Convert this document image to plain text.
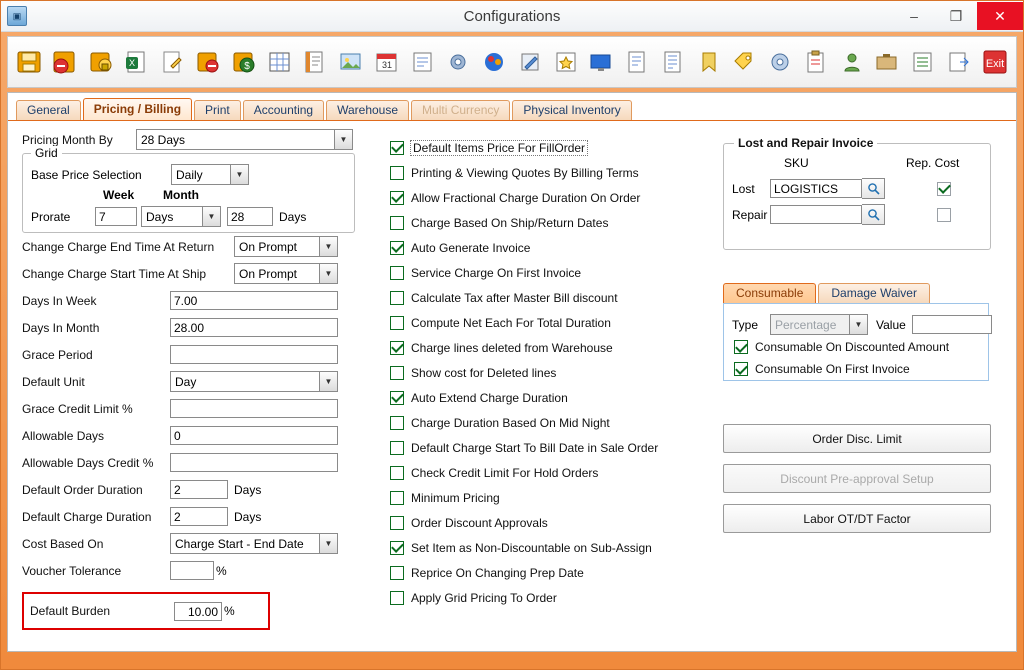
▣	Configurations	–	❐	✕
X	$	31	Exit
General	Pricing / Billing	Print	Accounting	Warehouse	Multi Currency	Physical Inventory
Pricing Month By	28 Days	▼
Grid
Base Price Selection	Daily	▼
Week Month
Prorate	7	Days	▼	28	Days
Change Charge End Time At Return	On Prompt	▼
Change Charge Start Time At Ship	On Prompt	▼
Days In Week	7.00
Days In Month	28.00
Grace Period
Default Unit	Day	▼
Grace Credit Limit %
Allowable Days	0
Allowable Days Credit %
Default Order Duration	2	Days
Default Charge Duration	2	Days
Cost Based On	Charge Start - End Date	▼
Voucher Tolerance	%
Default Burden	10.00 %
Default Items Price For FillOrder
Printing & Viewing Quotes By Billing Terms
Allow Fractional Charge Duration On Order
Charge Based On Ship/Return Dates
Auto Generate Invoice
Service Charge On First Invoice
Calculate Tax after Master Bill discount
Compute Net Each For Total Duration
Charge lines deleted from Warehouse
Show cost for Deleted lines
Auto Extend Charge Duration
Charge Duration Based On Mid Night
Default Charge Start To Bill Date in Sale Order
Check Credit Limit For Hold Orders
Minimum Pricing
Order Discount Approvals
Set Item as Non-Discountable on Sub-Assign
Reprice On Changing Prep Date
Apply Grid Pricing To Order
Lost and Repair Invoice
SKU	Rep. Cost
Lost	LOGISTICS
Repair
Consumable	Damage Waiver
Type	Percentage	▼	Value
Consumable On Discounted Amount
Consumable On First Invoice
Order Disc. Limit
Discount Pre-approval Setup
Labor OT/DT Factor
